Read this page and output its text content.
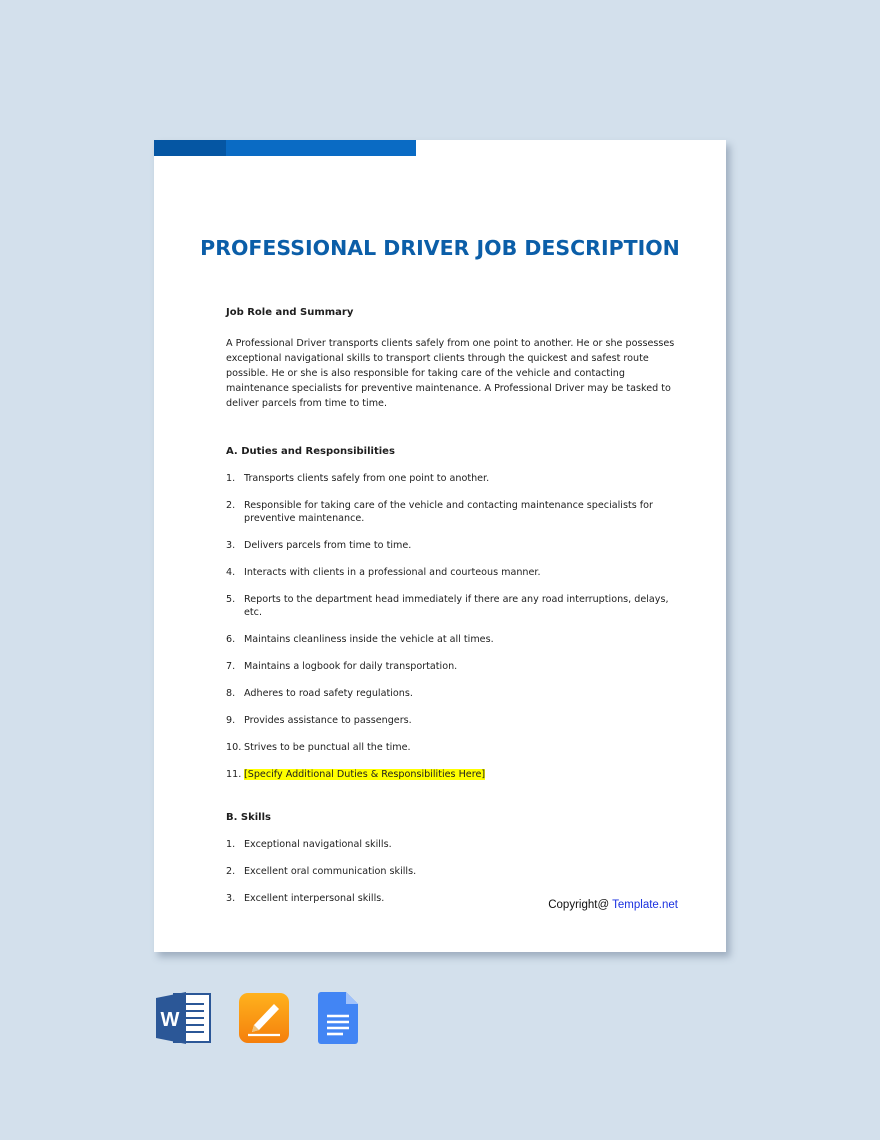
PROFESSIONAL DRIVER JOB DESCRIPTION

Job Role and Summary

A Professional Driver transports clients safely from one point to another. He or she possesses exceptional navigational skills to transport clients through the quickest and safest route possible. He or she is also responsible for taking care of the vehicle and contacting maintenance specialists for preventive maintenance. A Professional Driver may be tasked to deliver parcels from time to time.

A. Duties and Responsibilities

1. Transports clients safely from one point to another.
2. Responsible for taking care of the vehicle and contacting maintenance specialists for preventive maintenance.
3. Delivers parcels from time to time.
4. Interacts with clients in a professional and courteous manner.
5. Reports to the department head immediately if there are any road interruptions, delays, etc.
6. Maintains cleanliness inside the vehicle at all times.
7. Maintains a logbook for daily transportation.
8. Adheres to road safety regulations.
9. Provides assistance to passengers.
10. Strives to be punctual all the time.
11. [Specify Additional Duties & Responsibilities Here]

B. Skills

1. Exceptional navigational skills.
2. Excellent oral communication skills.
3. Excellent interpersonal skills.
Copyright@ Template.net
W
